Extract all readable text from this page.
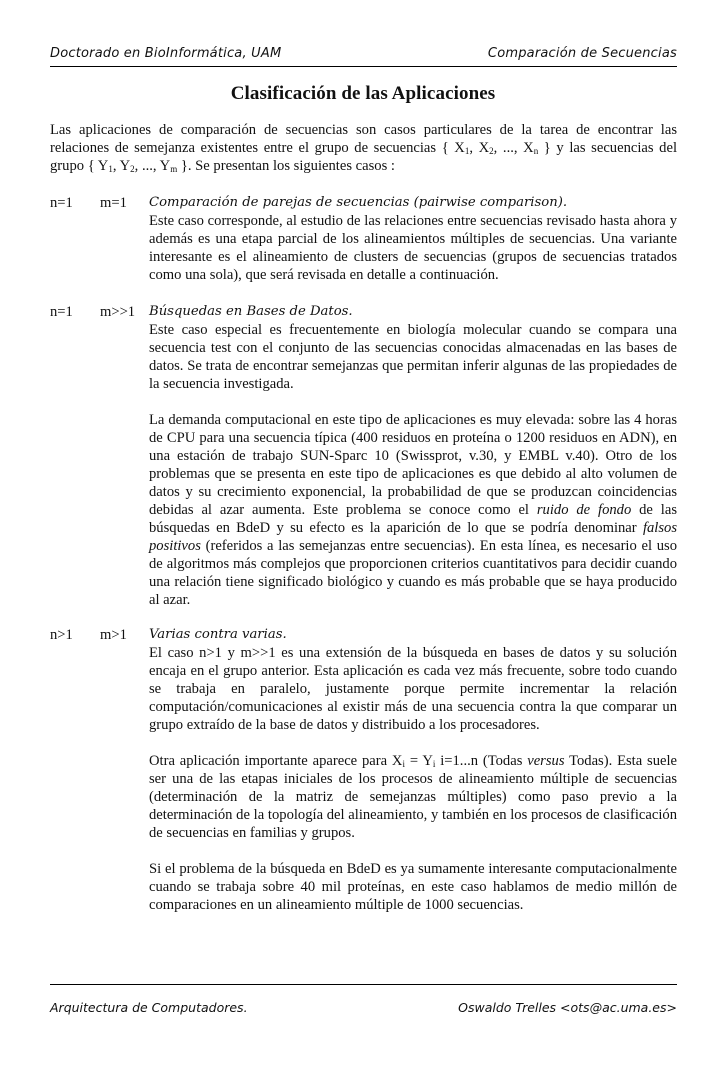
Doctorado en BioInformática, UAM	Comparación de Secuencias
Clasificación de las Aplicaciones
Las aplicaciones de comparación de secuencias son casos particulares de la tarea de encontrar las relaciones de semejanza existentes entre el grupo de secuencias { $X_1$, $X_2$, ..., $X_n$ } y las secuencias del grupo { $Y_1$, $Y_2$, ..., $Y_m$ }. Se presentan los siguientes casos :
n=1 m=1 Comparación de parejas de secuencias (pairwise comparison).

Este caso corresponde, al estudio de las relaciones entre secuencias revisado hasta ahora y además es una etapa parcial de los alineamientos múltiples de secuencias. Una variante interesante es el alineamiento de clusters de secuencias (grupos de secuencias tratados como una sola), que será revisada en detalle a continuación.

n=1 m>>1 Búsquedas en Bases de Datos.

Este caso especial es frecuentemente en biología molecular cuando se compara una secuencia test con el conjunto de las secuencias conocidas almacenadas en las bases de datos. Se trata de encontrar semejanzas que permitan inferir algunas de las propiedades de la secuencia investigada.

La demanda computacional en este tipo de aplicaciones es muy elevada: sobre las 4 horas de CPU para una secuencia típica (400 residuos en proteína o 1200 residuos en ADN), en una estación de trabajo SUN-Sparc 10 (Swissprot, v.30, y EMBL v.40). Otro de los problemas que se presenta en este tipo de aplicaciones es que debido al alto volumen de datos y su crecimiento exponencial, la probabilidad de que se produzcan coincidencias debidas al azar aumenta. Este problema se conoce como el ruido de fondo de las búsquedas en BdeD y su efecto es la aparición de lo que se podría denominar falsos positivos (referidos a las semejanzas entre secuencias). En esta línea, es necesario el uso de algoritmos más complejos que proporcionen criterios cuantitativos para decidir cuando una relación tiene significado biológico y cuando es más probable que se haya producido al azar.

n>1 m>1 Varias contra varias.

El caso n>1 y m>>1 es una extensión de la búsqueda en bases de datos y su solución encaja en el grupo anterior. Esta aplicación es cada vez más frecuente, sobre todo cuando se trabaja en paralelo, justamente porque permite incrementar la relación computación/comunicaciones al existir más de una secuencia contra la que comparar un grupo extraído de la base de datos y distribuido a los procesadores.

Otra aplicación importante aparece para $X_i = Y_i$ i=1...n (Todas versus Todas). Esta suele ser una de las etapas iniciales de los procesos de alineamiento múltiple de secuencias (determinación de la matriz de semejanzas múltiples) como paso previo a la determinación de la topología del alineamiento, y también en los procesos de clasificación de secuencias en familias y grupos.

Si el problema de la búsqueda en BdeD es ya sumamente interesante computacionalmente cuando se trabaja sobre 40 mil proteínas, en este caso hablamos de medio millón de comparaciones en un alineamiento múltiple de 1000 secuencias.

Arquitectura de Computadores.	Oswaldo Trelles <ots@ac.uma.es>
